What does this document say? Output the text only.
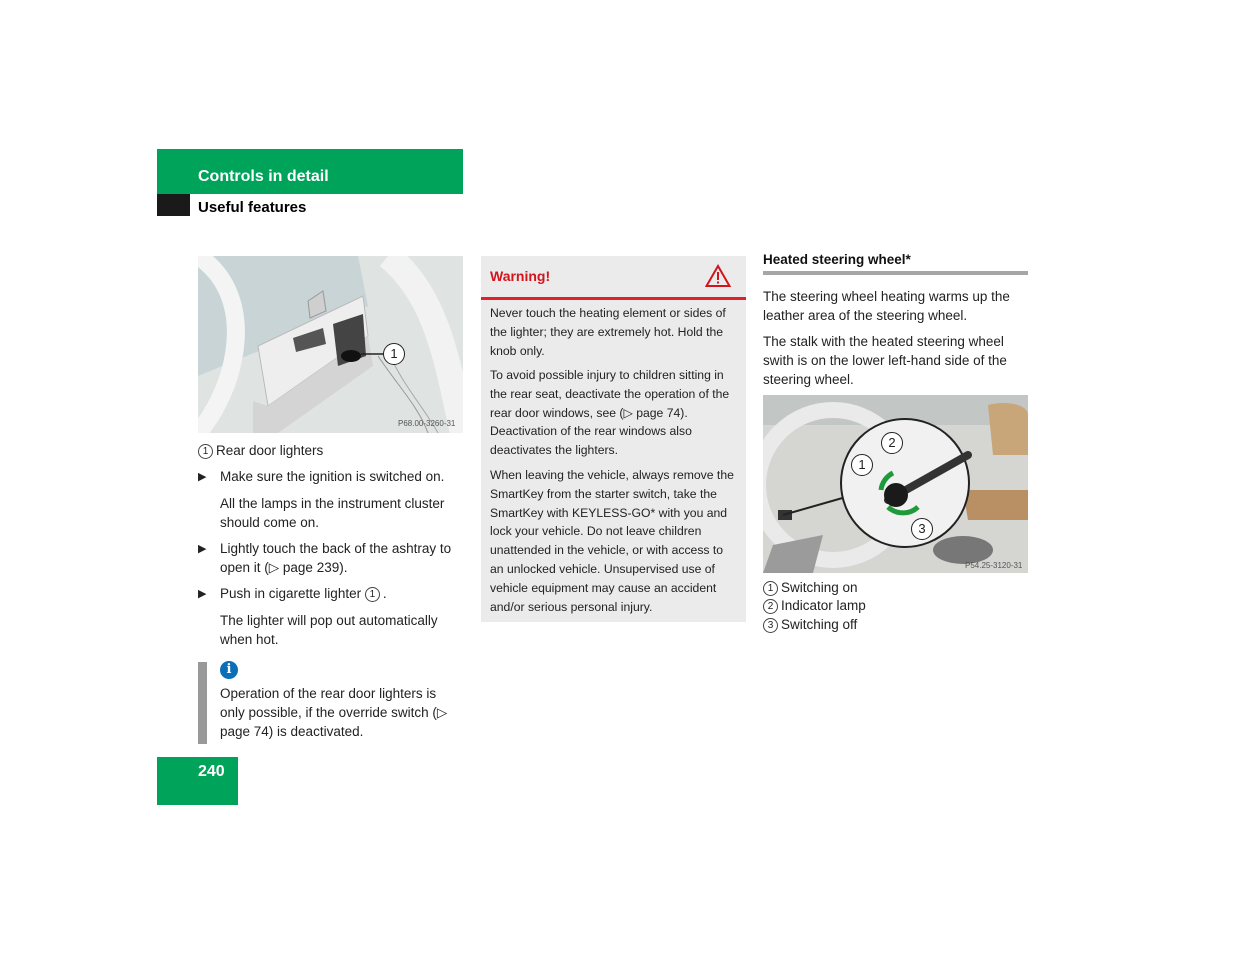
Controls in detail
Useful features
1
P68.00-3260-31
1 Rear door lighters
▶ Make sure the ignition is switched on.
All the lamps in the instrument cluster should come on.
▶ Lightly touch the back of the ashtray to open it (▷ page 239).
▶ Push in cigarette lighter 1 .
The lighter will pop out automatically when hot.
i
Operation of the rear door lighters is only possible, if the override switch (▷ page 74) is deactivated.
Warning!
Never touch the heating element or sides of the lighter; they are extremely hot. Hold the knob only.
To avoid possible injury to children sitting in the rear seat, deactivate the operation of the rear door windows, see (▷ page 74). Deactivation of the rear windows also deactivates the lighters.
When leaving the vehicle, always remove the SmartKey from the starter switch, take the SmartKey with KEYLESS-GO* with you and lock your vehicle. Do not leave children unattended in the vehicle, or with access to an unlocked vehicle. Unsupervised use of vehicle equipment may cause an accident and/or serious personal injury.
Heated steering wheel*
The steering wheel heating warms up the leather area of the steering wheel.
The stalk with the heated steering wheel swith is on the lower left-hand side of the steering wheel.
1
2
3
P54.25-3120-31
1 Switching on
2 Indicator lamp
3 Switching off
240
